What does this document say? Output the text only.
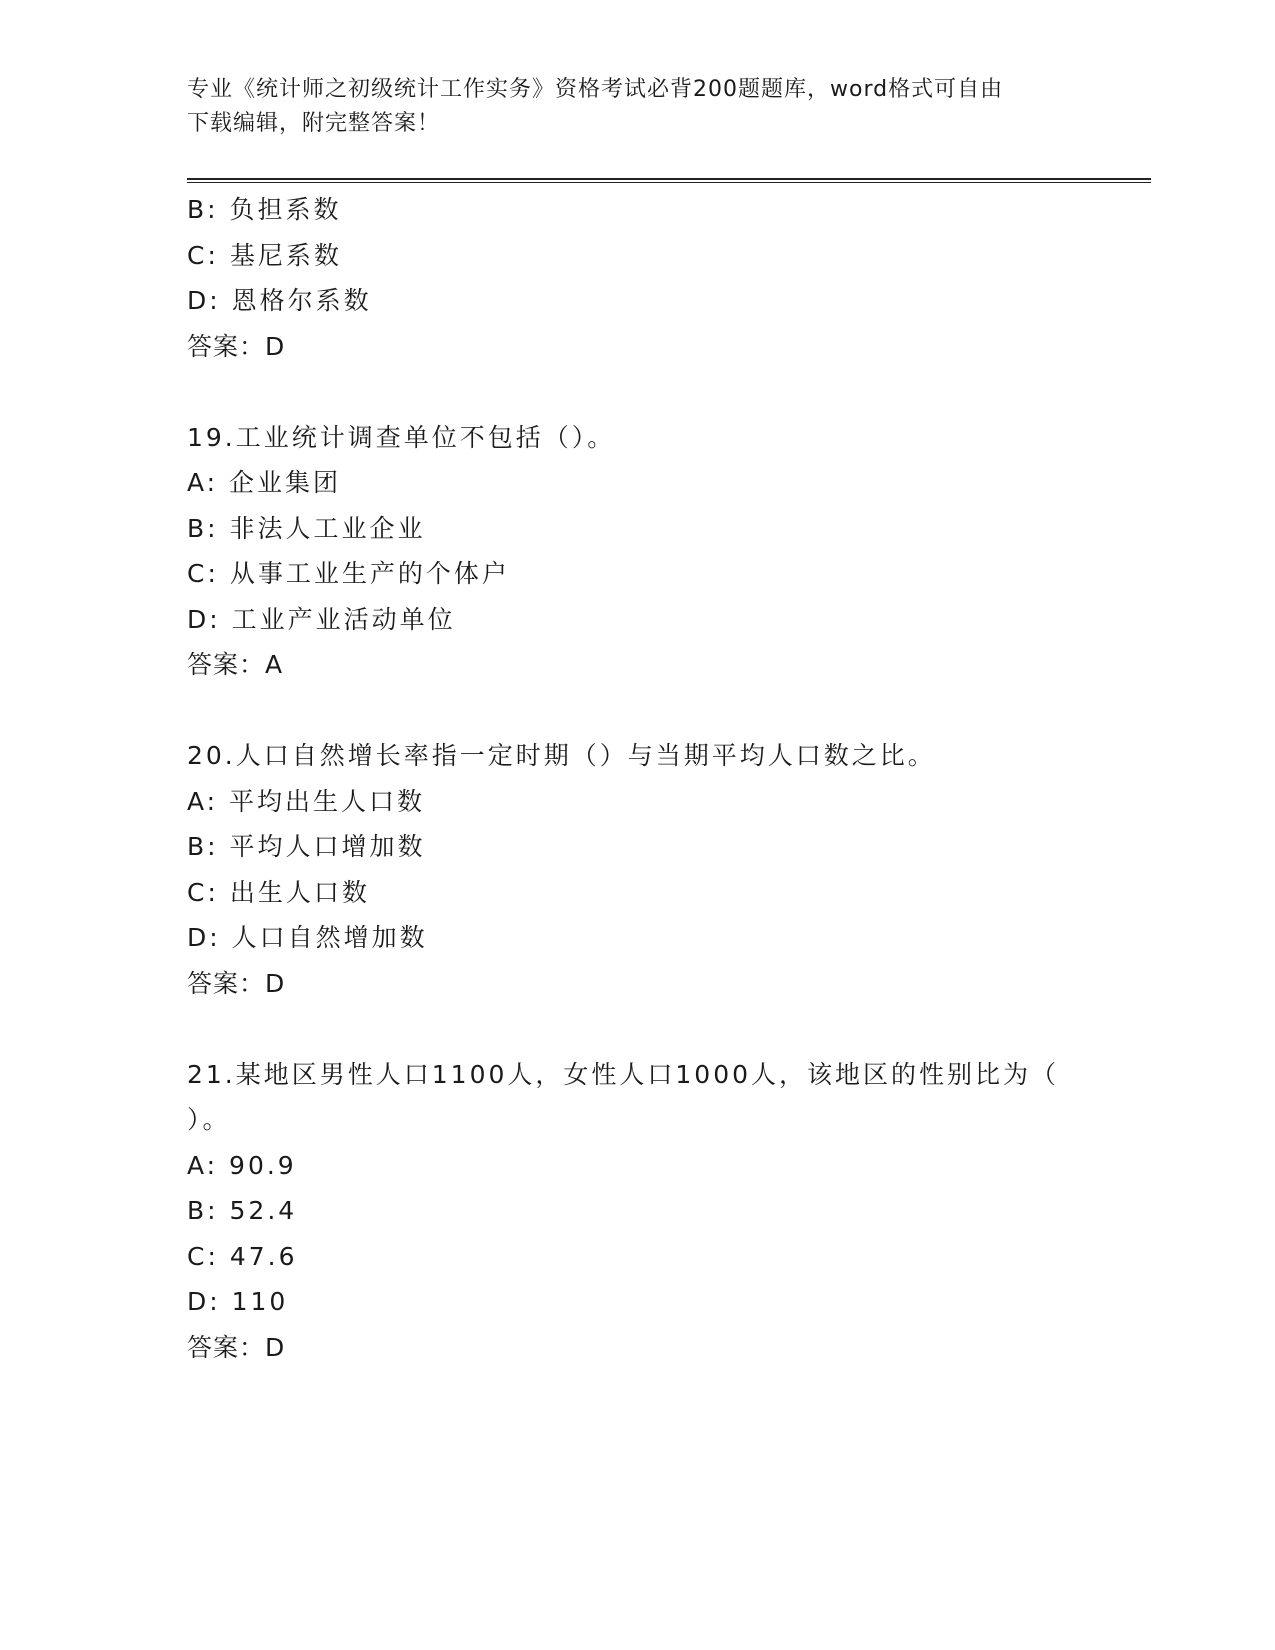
专业《统计师之初级统计工作实务》资格考试必背200题题库，word格式可自由
下载编辑，附完整答案！
B: 负担系数
C: 基尼系数
D: 恩格尔系数
答案：D
19.工业统计调查单位不包括（）。
A: 企业集团
B: 非法人工业企业
C: 从事工业生产的个体户
D: 工业产业活动单位
答案：A
20.人口自然增长率指一定时期（）与当期平均人口数之比。
A: 平均出生人口数
B: 平均人口增加数
C: 出生人口数
D: 人口自然增加数
答案：D
21.某地区男性人口1100人，女性人口1000人，该地区的性别比为（
）。
A: 90.9
B: 52.4
C: 47.6
D: 110
答案：D
